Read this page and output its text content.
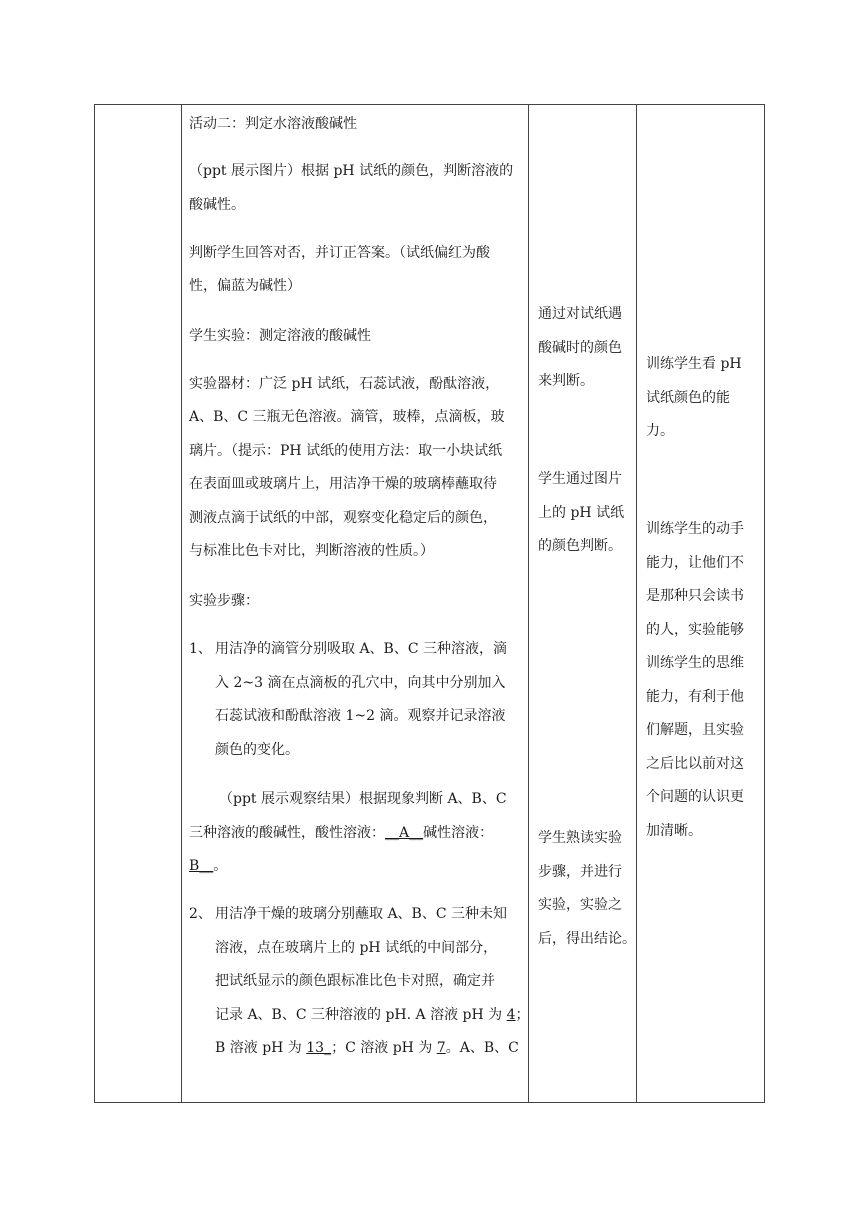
活动二：判定水溶液酸碱性
（ppt 展示图片）根据 pH 试纸的颜色，判断溶液的
酸碱性。
判断学生回答对否，并订正答案。（试纸偏红为酸
性，偏蓝为碱性）
学生实验：测定溶液的酸碱性
实验器材：广泛 pH 试纸，石蕊试液，酚酞溶液，
A、B、C 三瓶无色溶液。滴管，玻棒，点滴板，玻
璃片。（提示：PH 试纸的使用方法：取一小块试纸
在表面皿或玻璃片上，用洁净干燥的玻璃棒蘸取待
测液点滴于试纸的中部，观察变化稳定后的颜色，
与标准比色卡对比，判断溶液的性质。）
实验步骤：
1、 用洁净的滴管分别吸取 A、B、C 三种溶液，滴
入 2~3 滴在点滴板的孔穴中，向其中分别加入
石蕊试液和酚酞溶液 1~2 滴。观察并记录溶液
颜色的变化。
（ppt 展示观察结果）根据现象判断 A、B、C
三种溶液的酸碱性，酸性溶液：__A__碱性溶液：
B__。
2、 用洁净干燥的玻璃分别蘸取 A、B、C 三种未知
溶液，点在玻璃片上的 pH 试纸的中间部分，
把试纸显示的颜色跟标准比色卡对照，确定并
记录 A、B、C 三种溶液的 pH. A 溶液 pH 为 4；
B 溶液 pH 为 13_；C 溶液 pH 为 7。A、B、C
通过对试纸遇
酸碱时的颜色
来判断。
学生通过图片
上的 pH 试纸
的颜色判断。
学生熟读实验
步骤，并进行
实验，实验之
后，得出结论。
训练学生看 pH
试纸颜色的能
力。
训练学生的动手
能力，让他们不
是那种只会读书
的人，实验能够
训练学生的思维
能力，有利于他
们解题，且实验
之后比以前对这
个问题的认识更
加清晰。
